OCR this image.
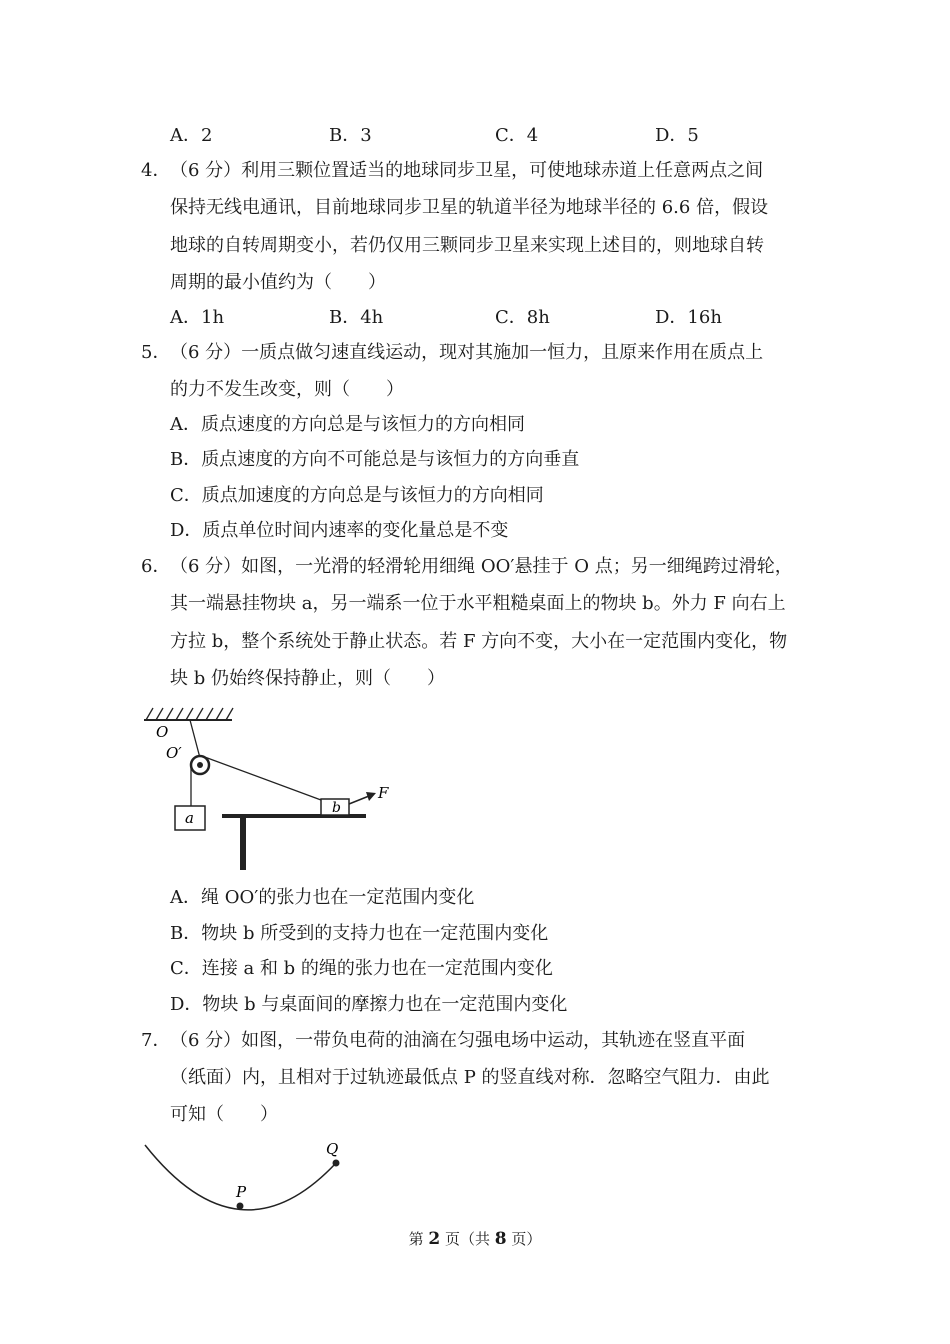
A．2	B．3	C．4	D．5
4． （6 分）利用三颗位置适当的地球同步卫星，可使地球赤道上任意两点之间
保持无线电通讯，目前地球同步卫星的轨道半径为地球半径的 6.6 倍，假设
地球的自转周期变小，若仍仅用三颗同步卫星来实现上述目的，则地球自转
周期的最小值约为（　　）
A．1h	B．4h	C．8h	D．16h
5． （6 分）一质点做匀速直线运动，现对其施加一恒力，且原来作用在质点上
的力不发生改变，则（　　）
A．质点速度的方向总是与该恒力的方向相同
B．质点速度的方向不可能总是与该恒力的方向垂直
C．质点加速度的方向总是与该恒力的方向相同
D．质点单位时间内速率的变化量总是不变
6． （6 分）如图，一光滑的轻滑轮用细绳 OO′悬挂于 O 点；另一细绳跨过滑轮，
其一端悬挂物块 a，另一端系一位于水平粗糙桌面上的物块 b。外力 F 向右上
方拉 b，整个系统处于静止状态。若 F 方向不变，大小在一定范围内变化，物
块 b 仍始终保持静止，则（　　）
O
O′
a
b
F
A．绳 OO′的张力也在一定范围内变化
B．物块 b 所受到的支持力也在一定范围内变化
C．连接 a 和 b 的绳的张力也在一定范围内变化
D．物块 b 与桌面间的摩擦力也在一定范围内变化
7． （6 分）如图，一带负电荷的油滴在匀强电场中运动，其轨迹在竖直平面
（纸面）内，且相对于过轨迹最低点 P 的竖直线对称．忽略空气阻力．由此
可知（　　）
P
Q
第 2 页（共 8 页）
